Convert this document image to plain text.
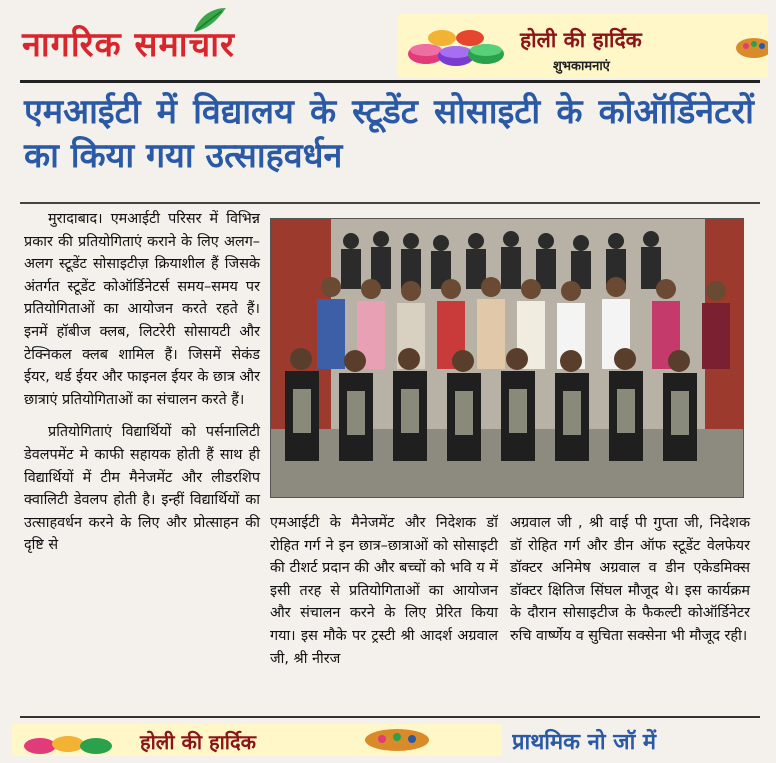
नागरिक समाचार	होली की हार्दिक
शुभकामनाएं
एमआईटी में विद्यालय के स्टूडेंट सोसाइटी के कोऑर्डिनेटरों का किया गया उत्साहवर्धन

मुरादाबाद। एमआईटी परिसर में विभिन्न प्रकार की प्रतियोगिताएं कराने के लिए अलग–अलग स्टूडेंट सोसाइटीज़ क्रियाशील हैं जिसके अंतर्गत स्टूडेंट कोऑर्डिनेटर्स समय–समय पर प्रतियोगिताओं का आयोजन करते रहते हैं। इनमें हॉबीज क्लब, लिटरेरी सोसायटी और टेक्निकल क्लब शामिल हैं। जिसमें सेकंड ईयर, थर्ड ईयर और फाइनल ईयर के छात्र और छात्राएं प्रतियोगिताओं का संचालन करते हैं।

प्रतियोगिताएं विद्यार्थियों को पर्सनालिटी डेवलपमेंट मे काफी सहायक होती हैं साथ ही विद्यार्थियों में टीम मैनेजमेंट और लीडरशिप क्वालिटी डेवलप होती है। इन्हीं विद्यार्थियों का उत्साहवर्धन करने के लिए और प्रोत्साहन की दृष्टि से

एमआईटी के मैनेजमेंट और निदेशक डॉ रोहित गर्ग ने इन छात्र–छात्राओं को सोसाइटी की टीशर्ट प्रदान की और बच्चों को भवि य में इसी तरह से प्रतियोगिताओं का आयोजन और संचालन करने के लिए प्रेरित किया गया। इस मौके पर ट्रस्टी श्री आदर्श अग्रवाल जी, श्री नीरज

अग्रवाल जी , श्री वाई पी गुप्ता जी, निदेशक डॉ रोहित गर्ग और डीन ऑफ स्टूडेंट वेलफेयर डॉक्टर अनिमेष अग्रवाल व डीन एकेडमिक्स डॉक्टर क्षितिज सिंघल मौजूद थे। इस कार्यक्रम के दौरान सोसाइटीज के फैकल्टी कोऑर्डिनेटर रुचि वार्ष्णेय व सुचिता सक्सेना भी मौजूद रही।

होली की हार्दिक	प्राथमिक नो जॉ में
